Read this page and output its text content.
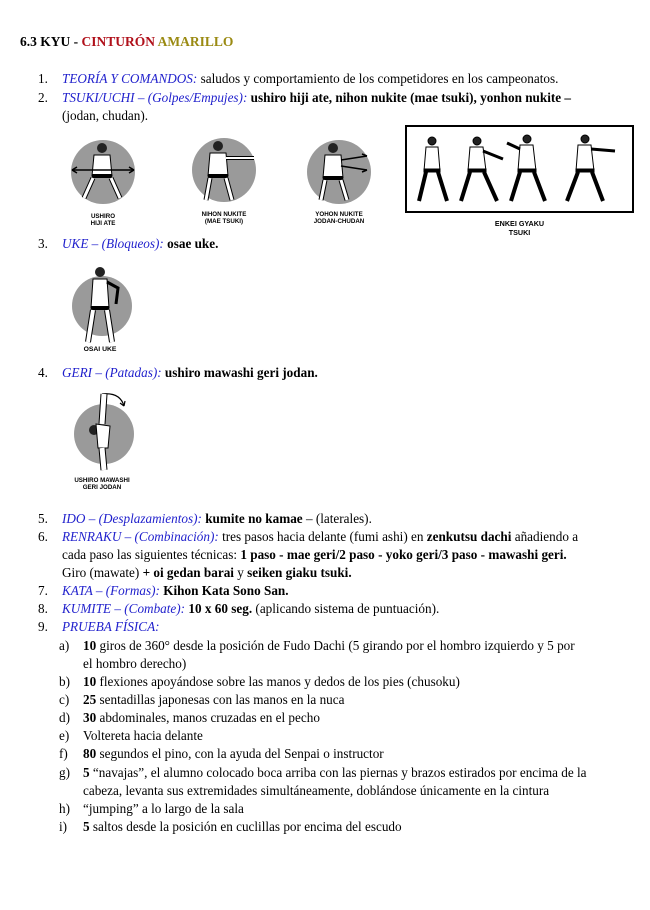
6.3 KYU - CINTURÓN AMARILLO
1. TEORÍA Y COMANDOS: saludos y comportamiento de los competidores en los campeonatos.
2. TSUKI/UCHI – (Golpes/Empujes): ushiro hiji ate, nihon nukite (mae tsuki), yonhon nukite –
(jodan, chudan).
USHIRO
HIJI ATE
NIHON NUKITE
(MAE TSUKI)
YOHON NUKITE
JODAN-CHUDAN	ENKEI GYAKU
TSUKI
3. UKE – (Bloqueos): osae uke.
OSAI UKE
4. GERI – (Patadas): ushiro mawashi geri jodan.
USHIRO MAWASHI
GERI JODAN
5. IDO – (Desplazamientos): kumite no kamae – (laterales).
6. RENRAKU – (Combinación): tres pasos hacia delante (fumi ashi) en zenkutsu dachi añadiendo a
cada paso las siguientes técnicas: 1 paso - mae geri/2 paso - yoko geri/3 paso - mawashi geri.
Giro (mawate) + oi gedan barai y seiken giaku tsuki.
7. KATA – (Formas): Kihon Kata Sono San.
8. KUMITE – (Combate): 10 x 60 seg. (aplicando sistema de puntuación).
9. PRUEBA FÍSICA:
a) 10 giros de 360° desde la posición de Fudo Dachi (5 girando por el hombro izquierdo y 5 por
el hombro derecho)
b) 10 flexiones apoyándose sobre las manos y dedos de los pies (chusoku)
c) 25 sentadillas japonesas con las manos en la nuca
d) 30 abdominales, manos cruzadas en el pecho
e) Voltereta hacia delante
f) 80 segundos el pino, con la ayuda del Senpai o instructor
g) 5 “navajas”, el alumno colocado boca arriba con las piernas y brazos estirados por encima de la
cabeza, levanta sus extremidades simultáneamente, doblándose únicamente en la cintura
h) “jumping” a lo largo de la sala
i) 5 saltos desde la posición en cuclillas por encima del escudo
